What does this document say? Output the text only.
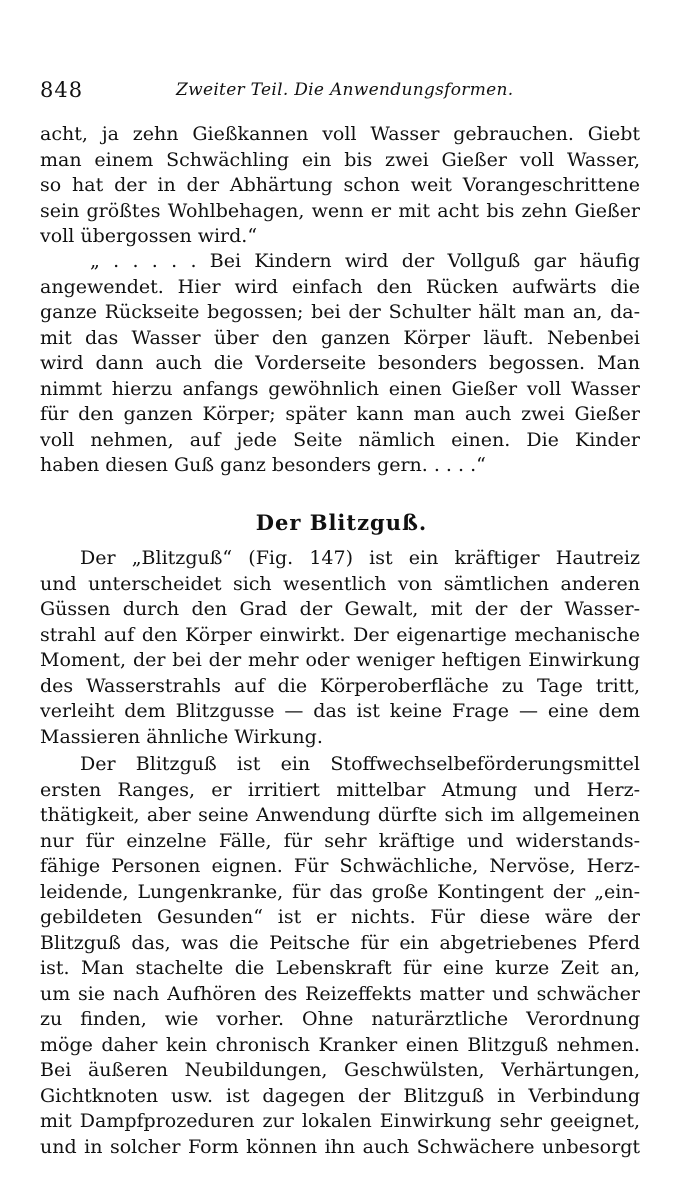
848	Zweiter Teil. Die Anwendungsformen.
acht, ja zehn Gießkannen voll Wasser gebrauchen. Giebt
man einem Schwächling ein bis zwei Gießer voll Wasser,
so hat der in der Abhärtung schon weit Vorangeschrittene
sein größtes Wohlbehagen, wenn er mit acht bis zehn Gießer
voll übergossen wird.“
„ . . . . . Bei Kindern wird der Vollguß gar häufig
angewendet. Hier wird einfach den Rücken aufwärts die
ganze Rückseite begossen; bei der Schulter hält man an, da-
mit das Wasser über den ganzen Körper läuft. Nebenbei
wird dann auch die Vorderseite besonders begossen. Man
nimmt hierzu anfangs gewöhnlich einen Gießer voll Wasser
für den ganzen Körper; später kann man auch zwei Gießer
voll nehmen, auf jede Seite nämlich einen. Die Kinder
haben diesen Guß ganz besonders gern. . . . .“
Der Blitzguß.
Der „Blitzguß“ (Fig. 147) ist ein kräftiger Hautreiz
und unterscheidet sich wesentlich von sämtlichen anderen
Güssen durch den Grad der Gewalt, mit der der Wasser-
strahl auf den Körper einwirkt. Der eigenartige mechanische
Moment, der bei der mehr oder weniger heftigen Einwirkung
des Wasserstrahls auf die Körperoberfläche zu Tage tritt,
verleiht dem Blitzgusse — das ist keine Frage — eine dem
Massieren ähnliche Wirkung.
Der Blitzguß ist ein Stoffwechselbeförderungsmittel
ersten Ranges, er irritiert mittelbar Atmung und Herz-
thätigkeit, aber seine Anwendung dürfte sich im allgemeinen
nur für einzelne Fälle, für sehr kräftige und widerstands-
fähige Personen eignen. Für Schwächliche, Nervöse, Herz-
leidende, Lungenkranke, für das große Kontingent der „ein-
gebildeten Gesunden“ ist er nichts. Für diese wäre der
Blitzguß das, was die Peitsche für ein abgetriebenes Pferd
ist. Man stachelte die Lebenskraft für eine kurze Zeit an,
um sie nach Aufhören des Reizeffekts matter und schwächer
zu finden, wie vorher. Ohne naturärztliche Verordnung
möge daher kein chronisch Kranker einen Blitzguß nehmen.
Bei äußeren Neubildungen, Geschwülsten, Verhärtungen,
Gichtknoten usw. ist dagegen der Blitzguß in Verbindung
mit Dampfprozeduren zur lokalen Einwirkung sehr geeignet,
und in solcher Form können ihn auch Schwächere unbesorgt
